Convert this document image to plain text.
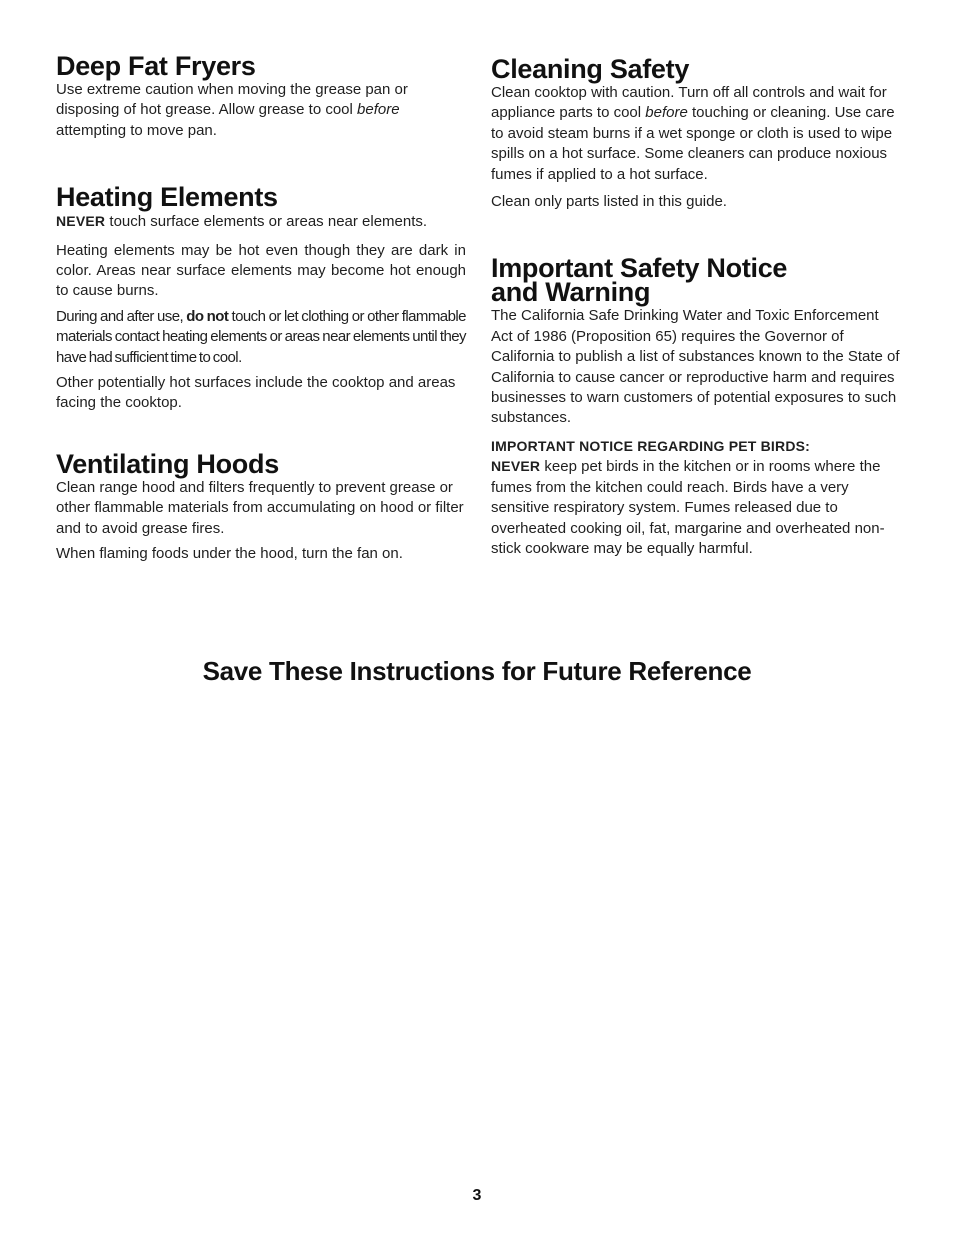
Deep Fat Fryers

Use extreme caution when moving the grease pan or disposing of hot grease. Allow grease to cool before attempting to move pan.

Heating Elements

NEVER touch surface elements or areas near elements.

Heating elements may be hot even though they are dark in color. Areas near surface elements may become hot enough to cause burns.

During and after use, do not touch or let clothing or other flammable materials contact heating elements or areas near elements until they have had sufficient time to cool.

Other potentially hot surfaces include the cooktop and areas facing the cooktop.

Ventilating Hoods

Clean range hood and filters frequently to prevent grease or other flammable materials from accumulating on hood or filter and to avoid grease fires.

When flaming foods under the hood, turn the fan on.

Cleaning Safety

Clean cooktop with caution. Turn off all controls and wait for appliance parts to cool before touching or cleaning. Use care to avoid steam burns if a wet sponge or cloth is used to wipe spills on a hot surface. Some cleaners can produce noxious fumes if applied to a hot surface.

Clean only parts listed in this guide.

Important Safety Notice
and Warning

The California Safe Drinking Water and Toxic Enforcement Act of 1986 (Proposition 65) requires the Governor of California to publish a list of substances known to the State of California to cause cancer or reproductive harm and requires businesses to warn customers of potential exposures to such substances.

IMPORTANT NOTICE REGARDING PET BIRDS:

NEVER keep pet birds in the kitchen or in rooms where the fumes from the kitchen could reach. Birds have a very sensitive respiratory system. Fumes released due to overheated cooking oil, fat, margarine and overheated non-stick cookware may be equally harmful.

Save These Instructions for Future Reference
3
